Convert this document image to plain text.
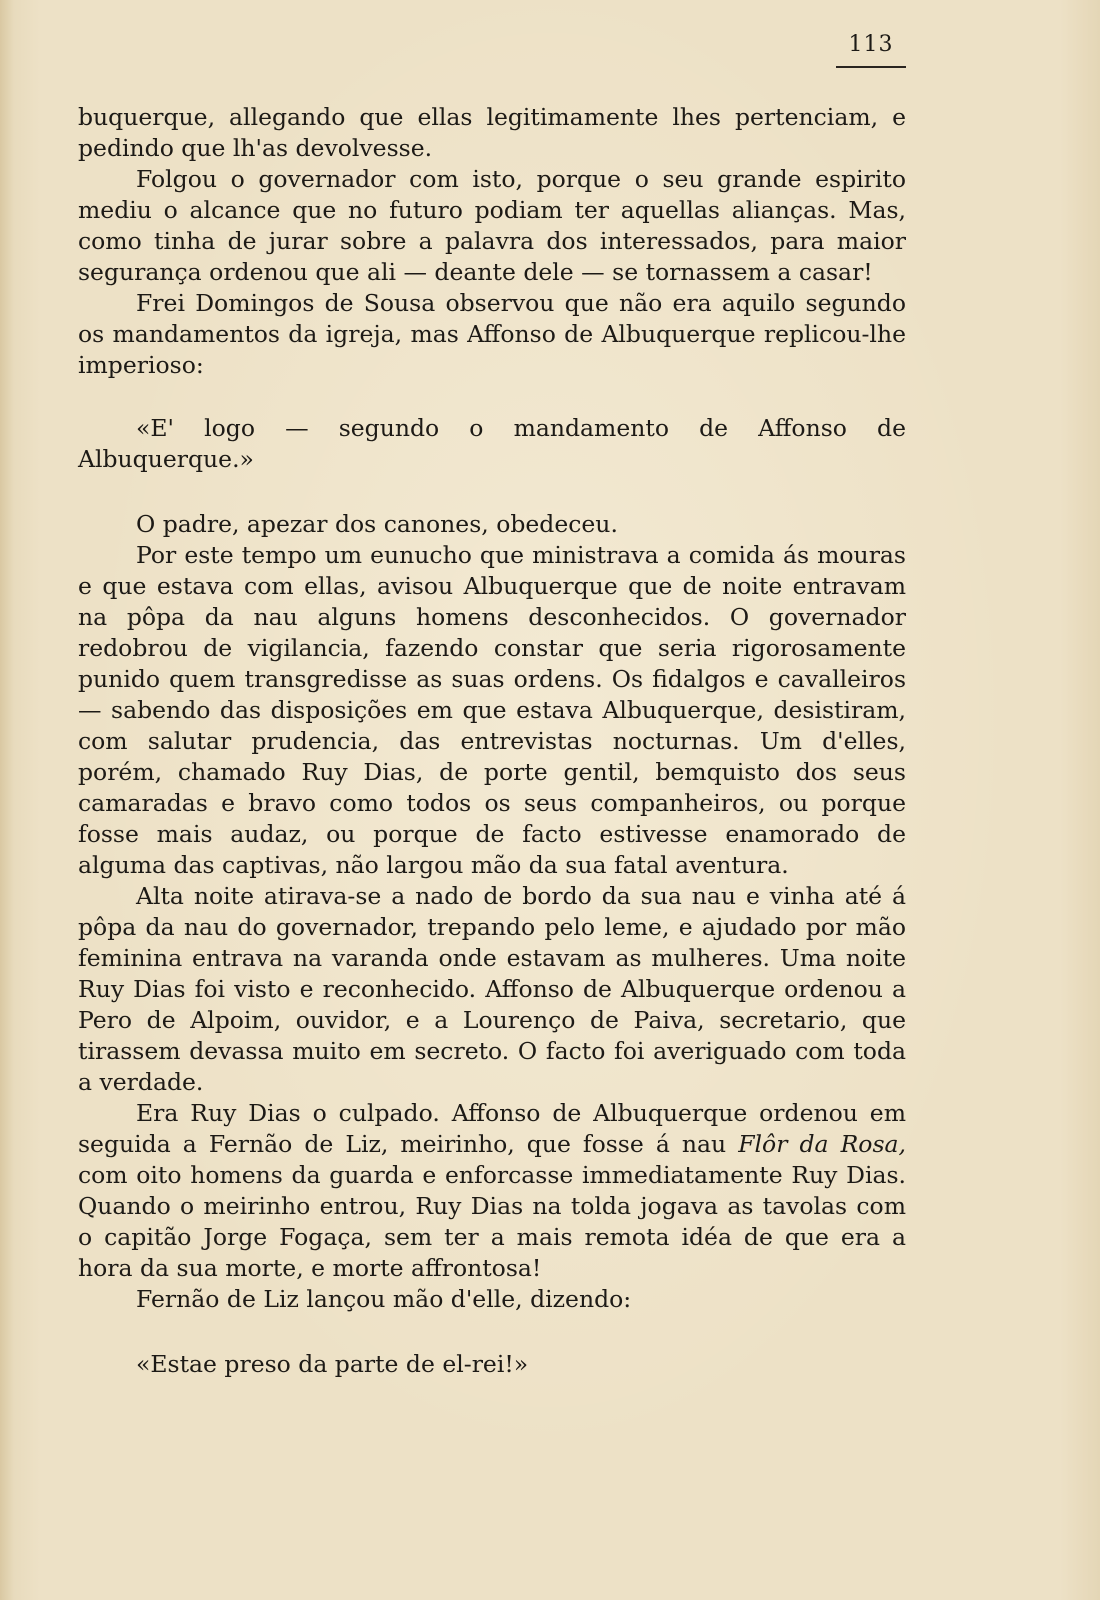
113

buquerque, allegando que ellas legitimamente lhes pertenciam, e pedindo que lh'as devolvesse.

Folgou o governador com isto, porque o seu grande espirito mediu o alcance que no futuro podiam ter aquellas alianças. Mas, como tinha de jurar sobre a palavra dos interessados, para maior segurança ordenou que ali — deante dele — se tornassem a casar!

Frei Domingos de Sousa observou que não era aquilo segundo os mandamentos da igreja, mas Affonso de Albuquerque replicou-lhe imperioso:

«E' logo — segundo o mandamento de Affonso de Albuquerque.»

O padre, apezar dos canones, obedeceu.

Por este tempo um eunucho que ministrava a comida ás mouras e que estava com ellas, avisou Albuquerque que de noite entravam na pôpa da nau alguns homens desconhecidos. O governador redobrou de vigilancia, fazendo constar que seria rigorosamente punido quem transgredisse as suas ordens. Os fidalgos e cavalleiros — sabendo das disposições em que estava Albuquerque, desistiram, com salutar prudencia, das entrevistas nocturnas. Um d'elles, porém, chamado Ruy Dias, de porte gentil, bemquisto dos seus camaradas e bravo como todos os seus companheiros, ou porque fosse mais audaz, ou porque de facto estivesse enamorado de alguma das captivas, não largou mão da sua fatal aventura.

Alta noite atirava-se a nado de bordo da sua nau e vinha até á pôpa da nau do governador, trepando pelo leme, e ajudado por mão feminina entrava na varanda onde estavam as mulheres. Uma noite Ruy Dias foi visto e reconhecido. Affonso de Albuquerque ordenou a Pero de Alpoim, ouvidor, e a Lourenço de Paiva, secretario, que tirassem devassa muito em secreto. O facto foi averiguado com toda a verdade.

Era Ruy Dias o culpado. Affonso de Albuquerque ordenou em seguida a Fernão de Liz, meirinho, que fosse á nau Flôr da Rosa, com oito homens da guarda e enforcasse immediatamente Ruy Dias. Quando o meirinho entrou, Ruy Dias na tolda jogava as tavolas com o capitão Jorge Fogaça, sem ter a mais remota idéa de que era a hora da sua morte, e morte affrontosa!

Fernão de Liz lançou mão d'elle, dizendo:

«Estae preso da parte de el-rei!»
